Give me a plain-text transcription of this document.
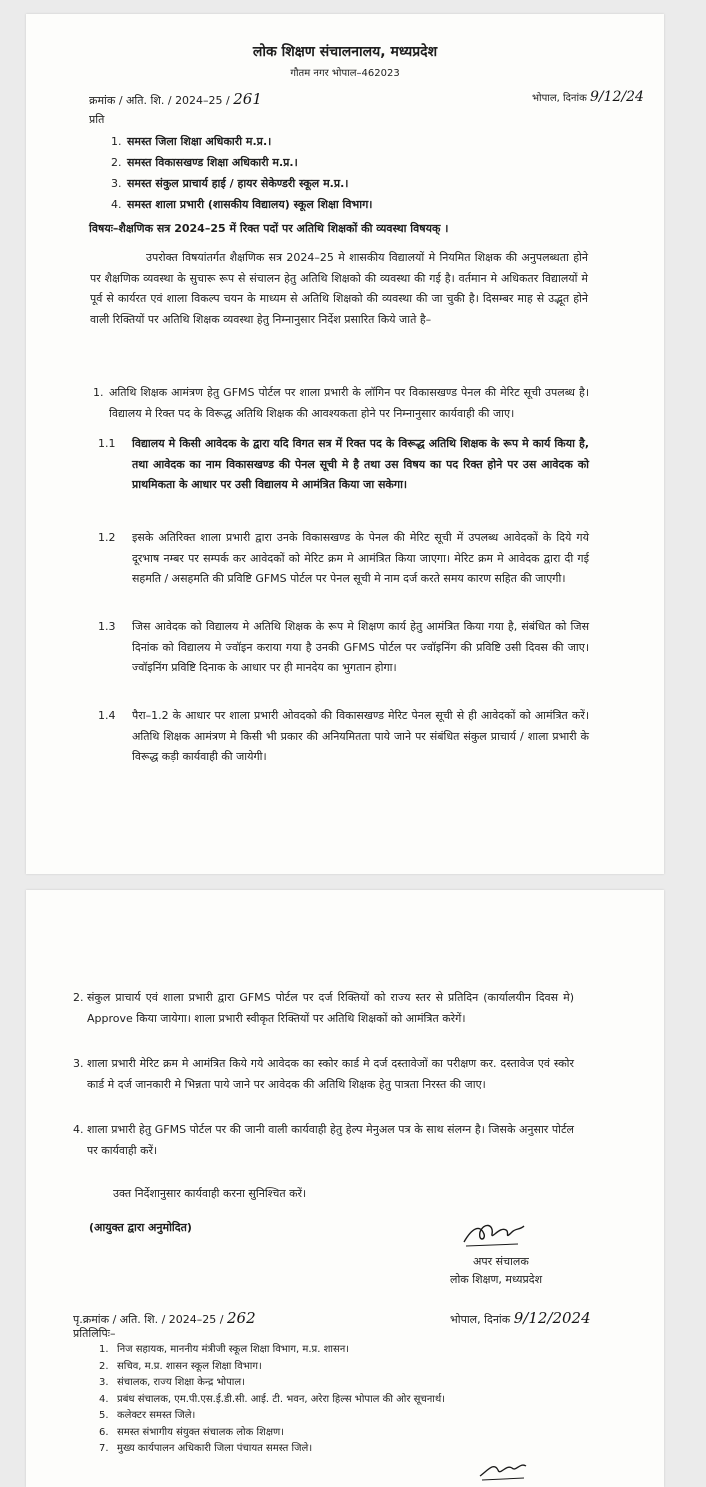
लोक शिक्षण संचालनालय, मध्यप्रदेश
गौतम नगर भोपाल–462023
क्रमांक / अति. शि. / 2024–25 / 261	भोपाल, दिनांक 9/12/24
प्रति
1. समस्त जिला शिक्षा अधिकारी म.प्र.।
2. समस्त विकासखण्ड शिक्षा अधिकारी म.प्र.।
3. समस्त संकुल प्राचार्य हाई / हायर सेकेण्डरी स्कूल म.प्र.।
4. समस्त शाला प्रभारी (शासकीय विद्यालय) स्कूल शिक्षा विभाग।
विषयः–शैक्षणिक सत्र 2024–25 में रिक्त पदों पर अतिथि शिक्षकों की व्यवस्था विषयक् ।
उपरोक्त विषयांतर्गत शैक्षणिक सत्र 2024–25 मे शासकीय विद्यालयों मे नियमित शिक्षक की अनुपलब्धता होने पर शैक्षणिक व्यवस्था के सुचारू रूप से संचालन हेतु अतिथि शिक्षको की व्यवस्था की गई है। वर्तमान मे अधिकतर विद्यालयों मे पूर्व से कार्यरत एवं शाला विकल्प चयन के माध्यम से अतिथि शिक्षको की व्यवस्था की जा चुकी है। दिसम्बर माह से उद्भूत होने वाली रिक्तियों पर अतिथि शिक्षक व्यवस्था हेतु निम्नानुसार निर्देश प्रसारित किये जाते है–
1. अतिथि शिक्षक आमंत्रण हेतु GFMS पोर्टल पर शाला प्रभारी के लॉगिन पर विकासखण्ड पेनल की मेरिट सूची उपलब्ध है। विद्यालय मे रिक्त पद के विरूद्ध अतिथि शिक्षक की आवश्यकता होने पर निम्नानुसार कार्यवाही की जाए।
1.1 विद्यालय मे किसी आवेदक के द्वारा यदि विगत सत्र में रिक्त पद के विरूद्ध अतिथि शिक्षक के रूप मे कार्य किया है, तथा आवेदक का नाम विकासखण्ड की पेनल सूची मे है तथा उस विषय का पद रिक्त होने पर उस आवेदक को प्राथमिकता के आधार पर उसी विद्यालय मे आमंत्रित किया जा सकेगा।
1.2 इसके अतिरिक्त शाला प्रभारी द्वारा उनके विकासखण्ड के पेनल की मेरिट सूची में उपलब्ध आवेदकों के दिये गये दूरभाष नम्बर पर सम्पर्क कर आवेदकों को मेरिट क्रम मे आमंत्रित किया जाएगा। मेरिट क्रम मे आवेदक द्वारा दी गई सहमति / असहमति की प्रविष्टि GFMS पोर्टल पर पेनल सूची मे नाम दर्ज करते समय कारण सहित की जाएगी।
1.3 जिस आवेदक को विद्यालय मे अतिथि शिक्षक के रूप मे शिक्षण कार्य हेतु आमंत्रित किया गया है, संबंधित को जिस दिनांक को विद्यालय मे ज्वॉइन कराया गया है उनकी GFMS पोर्टल पर ज्वॉइनिंग की प्रविष्टि उसी दिवस की जाए। ज्वॉइनिंग प्रविष्टि दिनाक के आधार पर ही मानदेय का भुगतान होगा।
1.4 पैरा–1.2 के आधार पर शाला प्रभारी ओवदको की विकासखण्ड मेरिट पेनल सूची से ही आवेदकों को आमंत्रित करें। अतिथि शिक्षक आमंत्रण मे किसी भी प्रकार की अनियमितता पाये जाने पर संबंधित संकुल प्राचार्य / शाला प्रभारी के विरूद्ध कड़ी कार्यवाही की जायेगी।
2. संकुल प्राचार्य एवं शाला प्रभारी द्वारा GFMS पोर्टल पर दर्ज रिक्तियों को राज्य स्तर से प्रतिदिन (कार्यालयीन दिवस मे) Approve किया जायेगा। शाला प्रभारी स्वीकृत रिक्तियों पर अतिथि शिक्षकों को आमंत्रित करेगें।
3. शाला प्रभारी मेरिट क्रम मे आमंत्रित किये गये आवेदक का स्कोर कार्ड मे दर्ज दस्तावेजों का परीक्षण कर. दस्तावेज एवं स्कोर कार्ड मे दर्ज जानकारी मे भिन्नता पाये जाने पर आवेदक की अतिथि शिक्षक हेतु पात्रता निरस्त की जाए।
4. शाला प्रभारी हेतु GFMS पोर्टल पर की जानी वाली कार्यवाही हेतु हेल्प मेनुअल पत्र के साथ संलग्न है। जिसके अनुसार पोर्टल पर कार्यवाही करें।
उक्त निर्देशानुसार कार्यवाही करना सुनिश्चित करें।
(आयुक्त द्वारा अनुमोदित)
अपर संचालक
लोक शिक्षण, मध्यप्रदेश
पृ.क्रमांक / अति. शि. / 2024–25 / 262	भोपाल, दिनांक 9/12/2024
प्रतिलिपिः–
1. निज सहायक, माननीय मंत्रीजी स्कूल शिक्षा विभाग, म.प्र. शासन।
2. सचिव, म.प्र. शासन स्कूल शिक्षा विभाग।
3. संचालक, राज्य शिक्षा केन्द्र भोपाल।
4. प्रबंध संचालक, एम.पी.एस.ई.डी.सी. आई. टी. भवन, अरेरा हिल्स भोपाल की ओर सूचनार्थ।
5. कलेक्टर समस्त जिले।
6. समस्त संभागीय संयुक्त संचालक लोक शिक्षण।
7. मुख्य कार्यपालन अधिकारी जिला पंचायत समस्त जिले।
